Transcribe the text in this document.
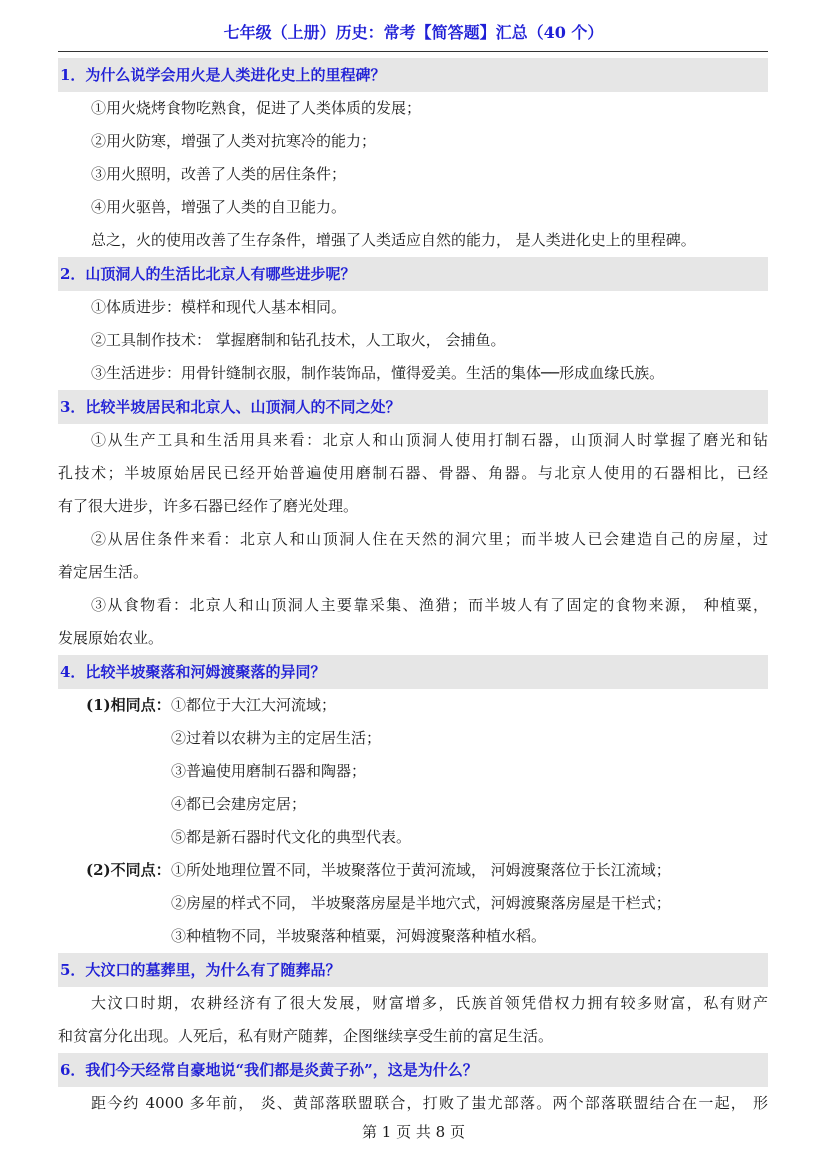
七年级（上册）历史：常考【简答题】汇总（40 个）
1．为什么说学会用火是人类进化史上的里程碑？
①用火烧烤食物吃熟食，促进了人类体质的发展；
②用火防寒，增强了人类对抗寒冷的能力；
③用火照明，改善了人类的居住条件；
④用火驱兽，增强了人类的自卫能力。
总之，火的使用改善了生存条件，增强了人类适应自然的能力， 是人类进化史上的里程碑。
2．山顶洞人的生活比北京人有哪些进步呢？
①体质进步：模样和现代人基本相同。
②工具制作技术： 掌握磨制和钻孔技术，人工取火， 会捕鱼。
③生活进步：用骨针缝制衣服，制作装饰品，懂得爱美。生活的集体──形成血缘氏族。
3．比较半坡居民和北京人、山顶洞人的不同之处？
①从生产工具和生活用具来看：北京人和山顶洞人使用打制石器，山顶洞人时掌握了磨光和钻
孔技术；半坡原始居民已经开始普遍使用磨制石器、骨器、角器。与北京人使用的石器相比，已经
有了很大进步，许多石器已经作了磨光处理。
②从居住条件来看：北京人和山顶洞人住在天然的洞穴里；而半坡人已会建造自己的房屋，过
着定居生活。
③从食物看：北京人和山顶洞人主要靠采集、渔猎；而半坡人有了固定的食物来源， 种植粟，
发展原始农业。
4．比较半坡聚落和河姆渡聚落的异同？
(1)相同点：①都位于大江大河流域；
②过着以农耕为主的定居生活；
③普遍使用磨制石器和陶器；
④都已会建房定居；
⑤都是新石器时代文化的典型代表。
(2)不同点：①所处地理位置不同，半坡聚落位于黄河流域， 河姆渡聚落位于长江流域；
②房屋的样式不同， 半坡聚落房屋是半地穴式，河姆渡聚落房屋是干栏式；
③种植物不同，半坡聚落种植粟，河姆渡聚落种植水稻。
5．大汶口的墓葬里，为什么有了随葬品？
大汶口时期，农耕经济有了很大发展，财富增多，氏族首领凭借权力拥有较多财富，私有财产
和贫富分化出现。人死后，私有财产随葬，企图继续享受生前的富足生活。
6．我们今天经常自豪地说“我们都是炎黄子孙”，这是为什么？
距今约 4000 多年前， 炎、黄部落联盟联合，打败了蚩尤部落。两个部落联盟结合在一起， 形
第 1 页 共 8 页
